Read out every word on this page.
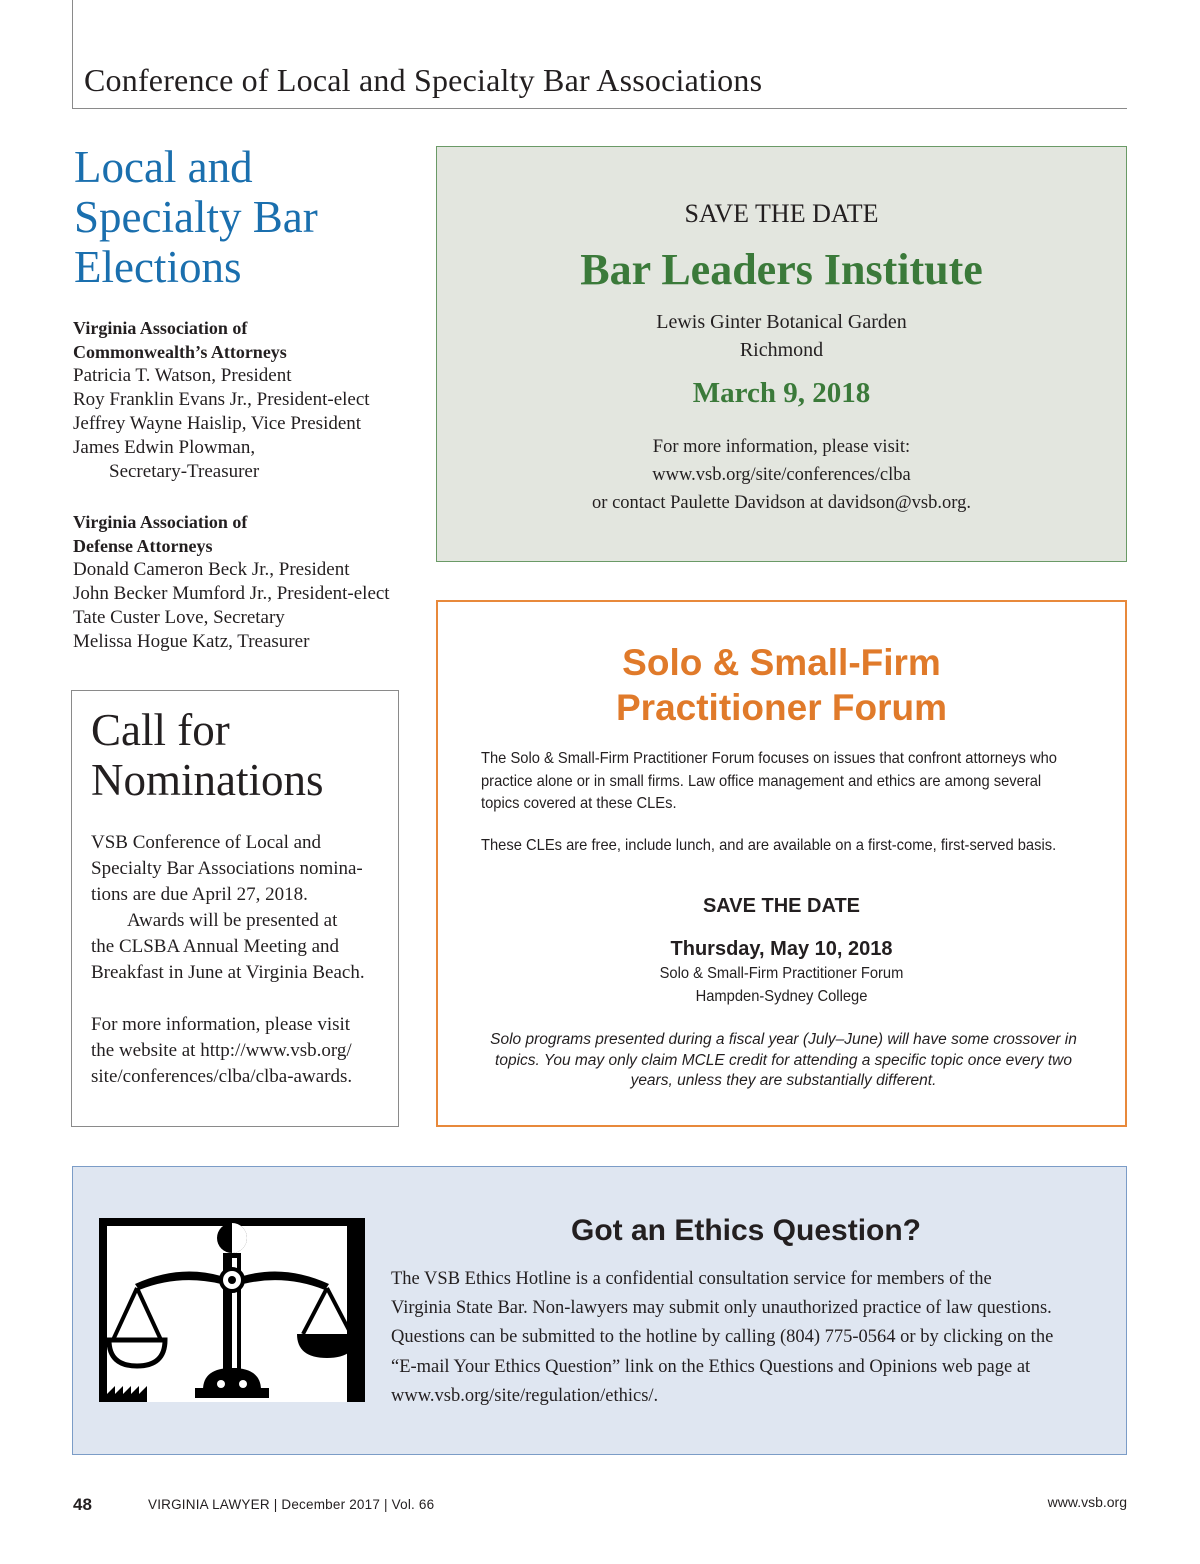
Conference of Local and Specialty Bar Associations
Local and
Specialty Bar
Elections
Virginia Association of
Commonwealth’s Attorneys
Patricia T. Watson, President
Roy Franklin Evans Jr., President-elect
Jeffrey Wayne Haislip, Vice President
James Edwin Plowman,
Secretary-Treasurer
Virginia Association of
Defense Attorneys
Donald Cameron Beck Jr., President
John Becker Mumford Jr., President-elect
Tate Custer Love, Secretary
Melissa Hogue Katz, Treasurer
Call for
Nominations
VSB Conference of Local and
Specialty Bar Associations nomina-
tions are due April 27, 2018.
Awards will be presented at
the CLSBA Annual Meeting and
Breakfast in June at Virginia Beach.
For more information, please visit
the website at http://www.vsb.org/
site/conferences/clba/clba-awards.
SAVE THE DATE
Bar Leaders Institute
Lewis Ginter Botanical Garden
Richmond
March 9, 2018
For more information, please visit:
www.vsb.org/site/conferences/clba
or contact Paulette Davidson at davidson@vsb.org.
Solo & Small-Firm
Practitioner Forum
The Solo & Small-Firm Practitioner Forum focuses on issues that confront attorneys who
practice alone or in small firms. Law office management and ethics are among several
topics covered at these CLEs.
These CLEs are free, include lunch, and are available on a first-come, first-served basis.
SAVE THE DATE
Thursday, May 10, 2018
Solo & Small-Firm Practitioner Forum
Hampden-Sydney College
Solo programs presented during a fiscal year (July–June) will have some crossover in
topics. You may only claim MCLE credit for attending a specific topic once every two
years, unless they are substantially different.
Got an Ethics Question?
The VSB Ethics Hotline is a confidential consultation service for members of the
Virginia State Bar. Non-lawyers may submit only unauthorized practice of law questions.
Questions can be submitted to the hotline by calling (804) 775-0564 or by clicking on the
“E-mail Your Ethics Question” link on the Ethics Questions and Opinions web page at
www.vsb.org/site/regulation/ethics/.
48	VIRGINIA LAWYER | December 2017 | Vol. 66	www.vsb.org
